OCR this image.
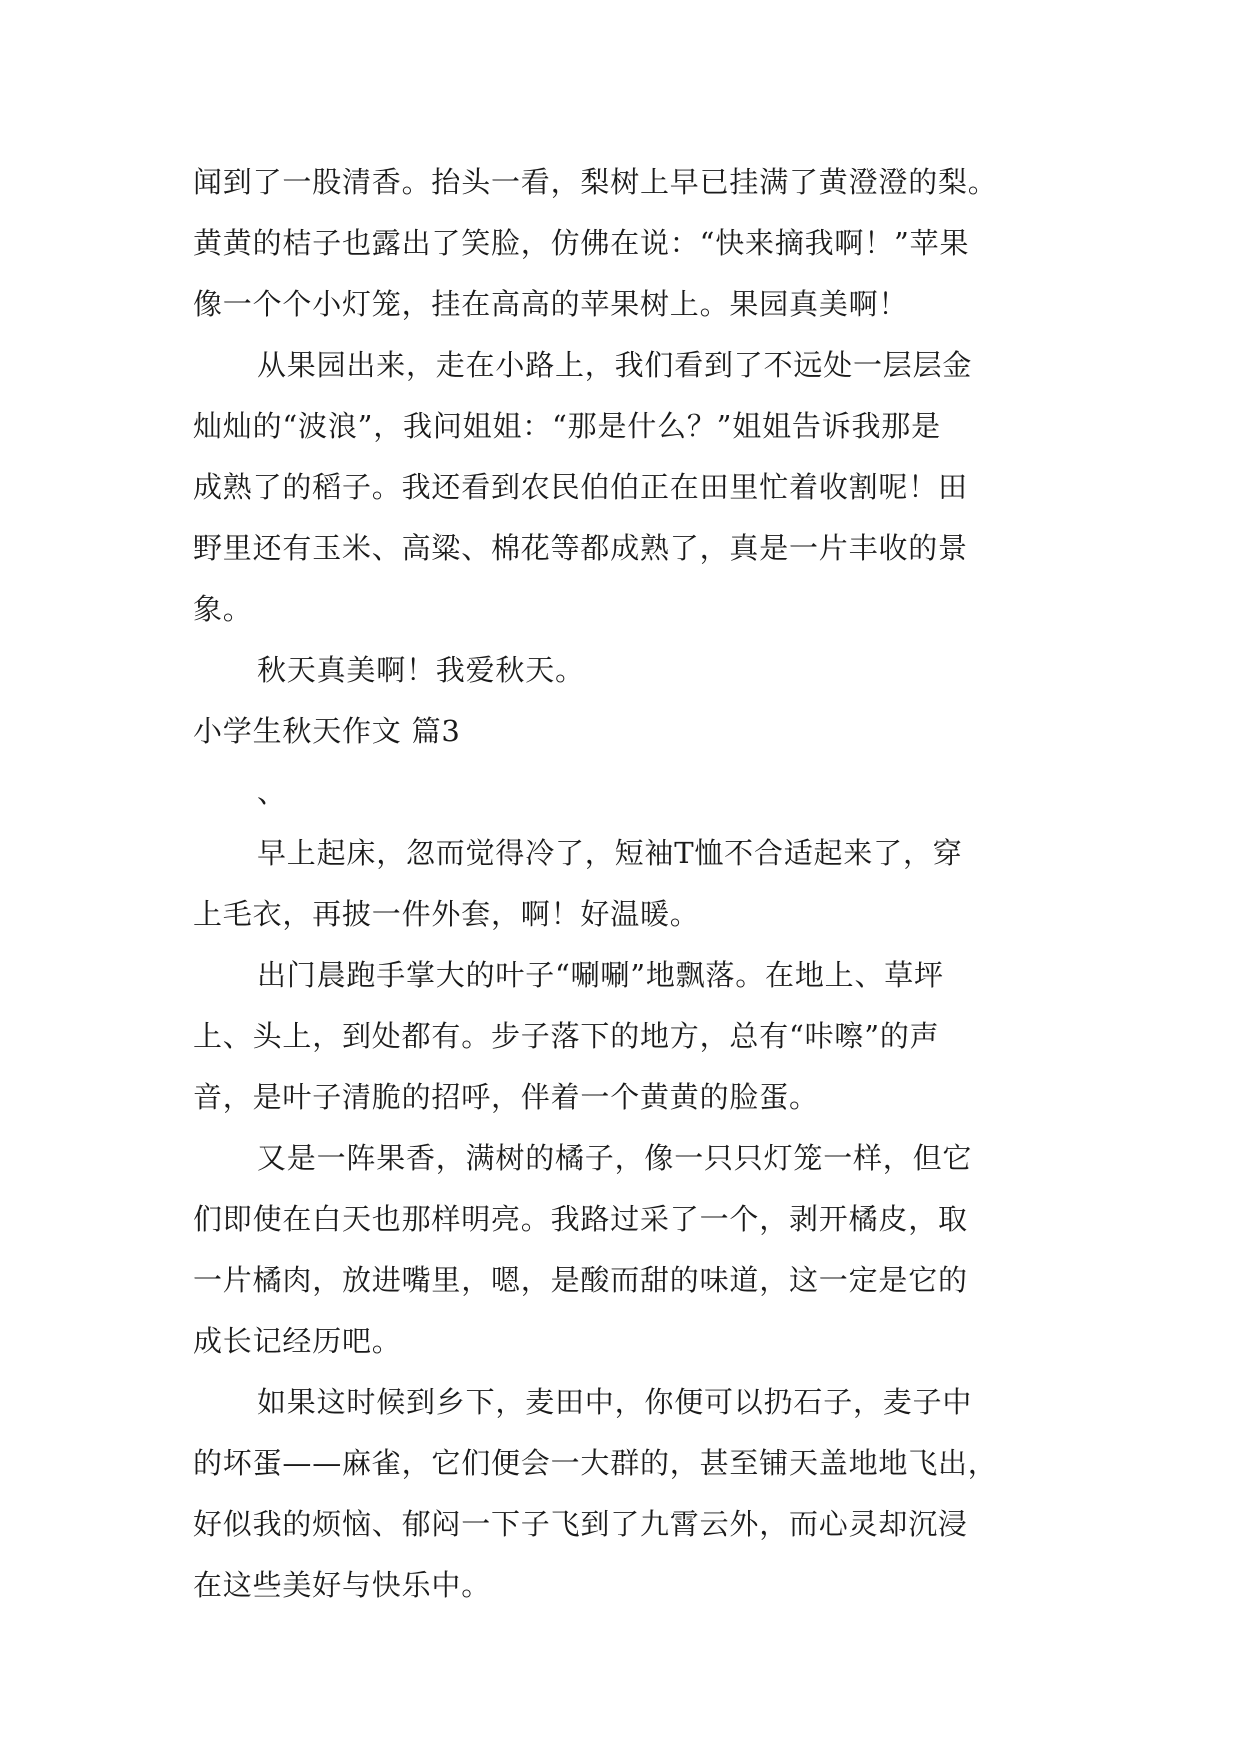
闻到了一股清香。抬头一看，梨树上早已挂满了黄澄澄的梨。
黄黄的桔子也露出了笑脸，仿佛在说：“快来摘我啊！”苹果
像一个个小灯笼，挂在高高的苹果树上。果园真美啊！
从果园出来，走在小路上，我们看到了不远处一层层金
灿灿的“波浪”，我问姐姐：“那是什么？”姐姐告诉我那是
成熟了的稻子。我还看到农民伯伯正在田里忙着收割呢！田
野里还有玉米、高粱、棉花等都成熟了，真是一片丰收的景
象。
秋天真美啊！我爱秋天。
小学生秋天作文 篇3
、
早上起床，忽而觉得冷了，短袖T恤不合适起来了，穿
上毛衣，再披一件外套，啊！好温暖。
出门晨跑手掌大的叶子“唰唰”地飘落。在地上、草坪
上、头上，到处都有。步子落下的地方，总有“咔嚓”的声
音，是叶子清脆的招呼，伴着一个黄黄的脸蛋。
又是一阵果香，满树的橘子，像一只只灯笼一样，但它
们即使在白天也那样明亮。我路过采了一个，剥开橘皮，取
一片橘肉，放进嘴里，嗯，是酸而甜的味道，这一定是它的
成长记经历吧。
如果这时候到乡下，麦田中，你便可以扔石子，麦子中
的坏蛋——麻雀，它们便会一大群的，甚至铺天盖地地飞出，
好似我的烦恼、郁闷一下子飞到了九霄云外，而心灵却沉浸
在这些美好与快乐中。
